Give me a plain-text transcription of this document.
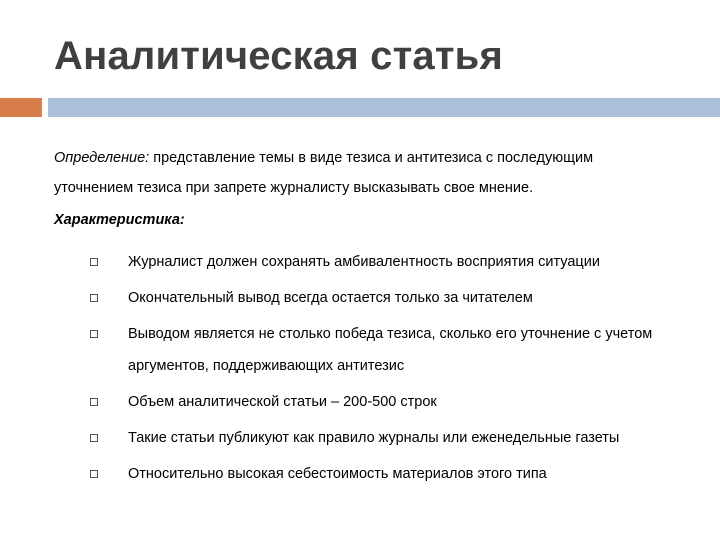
Аналитическая статья
Определение: представление темы в виде тезиса и антитезиса с последующим
уточнением тезиса при запрете журналисту высказывать свое мнение.
Характеристика:
Журналист должен сохранять амбивалентность восприятия ситуации
Окончательный вывод всегда остается только за читателем
Выводом является не столько победа тезиса, сколько его уточнение с учетом аргументов, поддерживающих антитезис
Объем аналитической статьи – 200-500 строк
Такие статьи публикуют как правило журналы или еженедельные газеты
Относительно высокая себестоимость материалов этого типа
